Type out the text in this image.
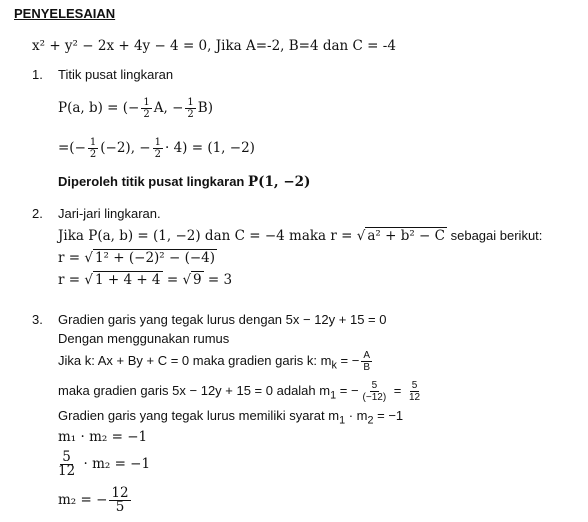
PENYELESAIAN
x² + y² − 2x + 4y − 4 = 0, Jika A=-2, B=4 dan C = -4
1. Titik pusat lingkaran
P(a, b) = (− $\frac{1}{2} A$, − $\frac{1}{2} B$)
=(− $\frac{1}{2} (-2)$, − $\frac{1}{2} \cdot 4) = (1$, −2)
Diperoleh titik pusat lingkaran P(1, −2)
2. Jari-jari lingkaran.
Jika P(a, b) = (1, −2) dan C = −4 maka r = √ a² + b² − C sebagai berikut:
r = √ 1² + (−2)² − (−4)
r = √ 1 + 4 + 4 = √ 9 = 3
3. Gradien garis yang tegak lurus dengan 5x − 12y + 15 = 0
Dengan menggunakan rumus
Jika k: Ax + By + C = 0 maka gradien garis k: $m_k$ = − $\frac{A}{B}$
maka gradien garis 5x − 12y + 15 = 0 adalah $m_1$ = − $\frac{5}{(-12)} = \frac{5}{12}$
Gradien garis yang tegak lurus memiliki syarat $m_1 \cdot m_2 = -1$
m₁ · m₂ = −1
$\frac{5}{12} \cdot m_2 = -1$
m₂ = − $\frac{12}{5}$
